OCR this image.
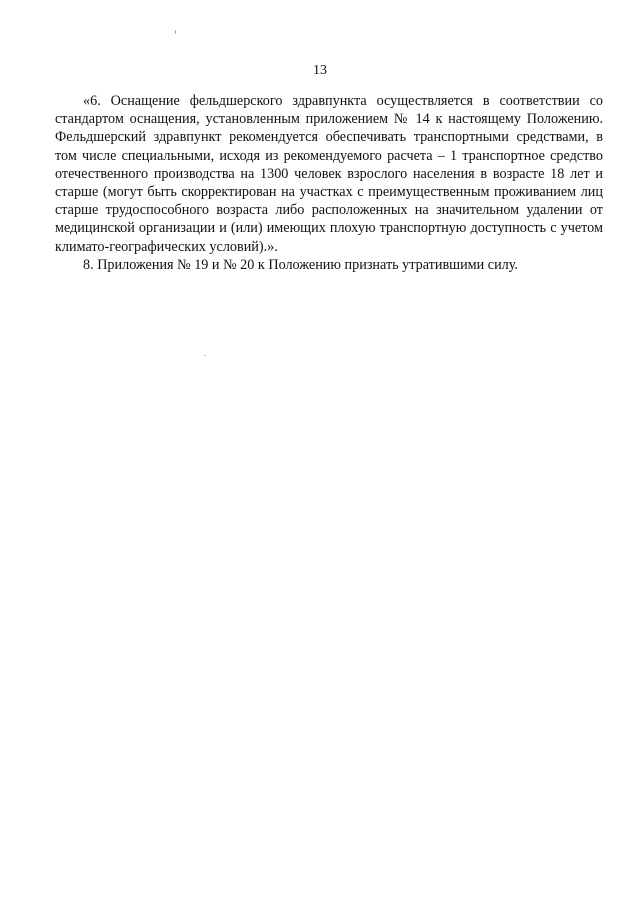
13

«6. Оснащение фельдшерского здравпункта осуществляется в соответствии со стандартом оснащения, установленным приложением № 14 к настоящему Положению. Фельдшерский здравпункт рекомендуется обеспечивать транспортными средствами, в том числе специальными, исходя из рекомендуемого расчета – 1 транспортное средство отечественного производства на 1300 человек взрослого населения в возрасте 18 лет и старше (могут быть скорректирован на участках с преимущественным проживанием лиц старше трудоспособного возраста либо расположенных на значительном удалении от медицинской организации и (или) имеющих плохую транспортную доступность с учетом климато-географических условий).».

8. Приложения № 19 и № 20 к Положению признать утратившими силу.
